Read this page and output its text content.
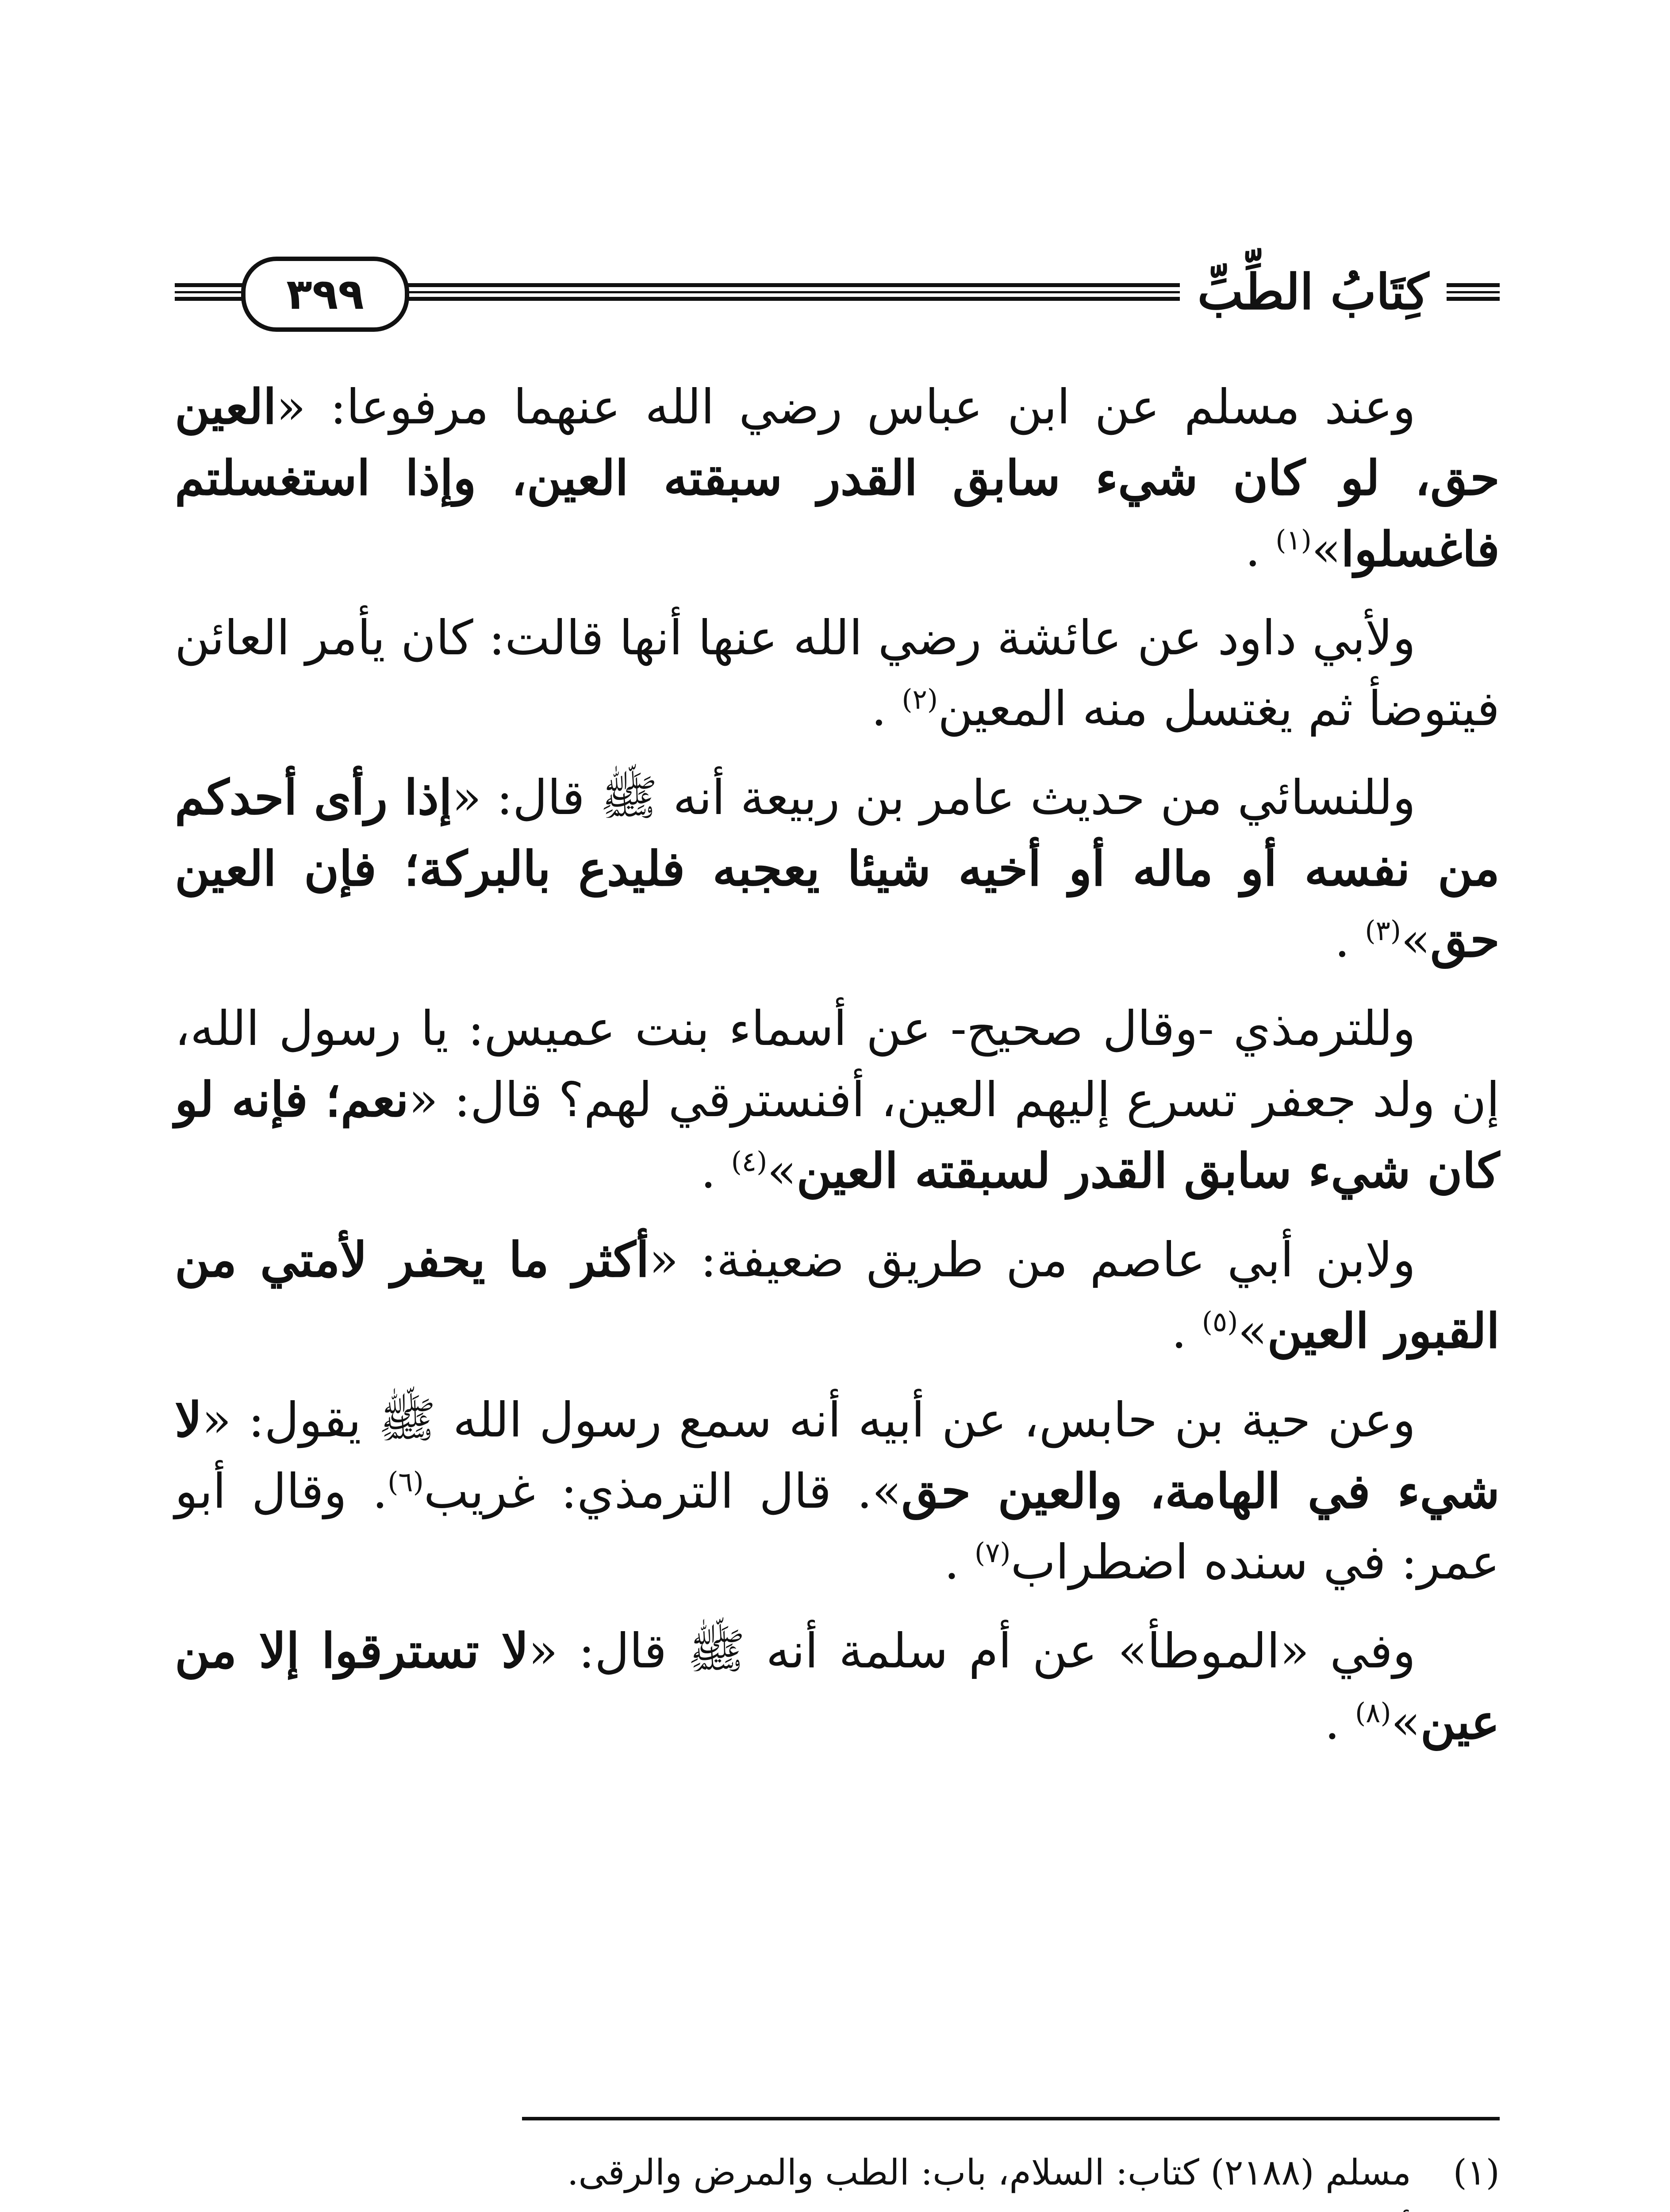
٣٩٩	كِتَابُ الطِّبِّ

وعند مسلم عن ابن عباس رضي الله عنهما مرفوعا: «العين حق، لو كان شيء سابق القدر سبقته العين، وإذا استغسلتم فاغسلوا»$^{(١)}$ .

ولأبي داود عن عائشة رضي الله عنها أنها قالت: كان يأمر العائن فيتوضأ ثم يغتسل منه المعين$^{(٢)}$ .

وللنسائي من حديث عامر بن ربيعة أنه ﷺ قال: «إذا رأى أحدكم من نفسه أو ماله أو أخيه شيئا يعجبه فليدع بالبركة؛ فإن العين حق»$^{(٣)}$ .

وللترمذي -وقال صحيح- عن أسماء بنت عميس: يا رسول الله، إن ولد جعفر تسرع إليهم العين، أفنسترقي لهم؟ قال: «نعم؛ فإنه لو كان شيء سابق القدر لسبقته العين»$^{(٤)}$ .

ولابن أبي عاصم من طريق ضعيفة: «أكثر ما يحفر لأمتي من القبور العين»$^{(٥)}$ .

وعن حية بن حابس، عن أبيه أنه سمع رسول الله ﷺ يقول: «لا شيء في الهامة، والعين حق». قال الترمذي: غريب$^{(٦)}$. وقال أبو عمر: في سنده اضطراب$^{(٧)}$ .

وفي «الموطأ» عن أم سلمة أنه ﷺ قال: «لا تسترقوا إلا من عين»$^{(٨)}$ .

(١)
مسلم (٢١٨٨) كتاب: السلام، باب: الطب والمرض والرقى.
